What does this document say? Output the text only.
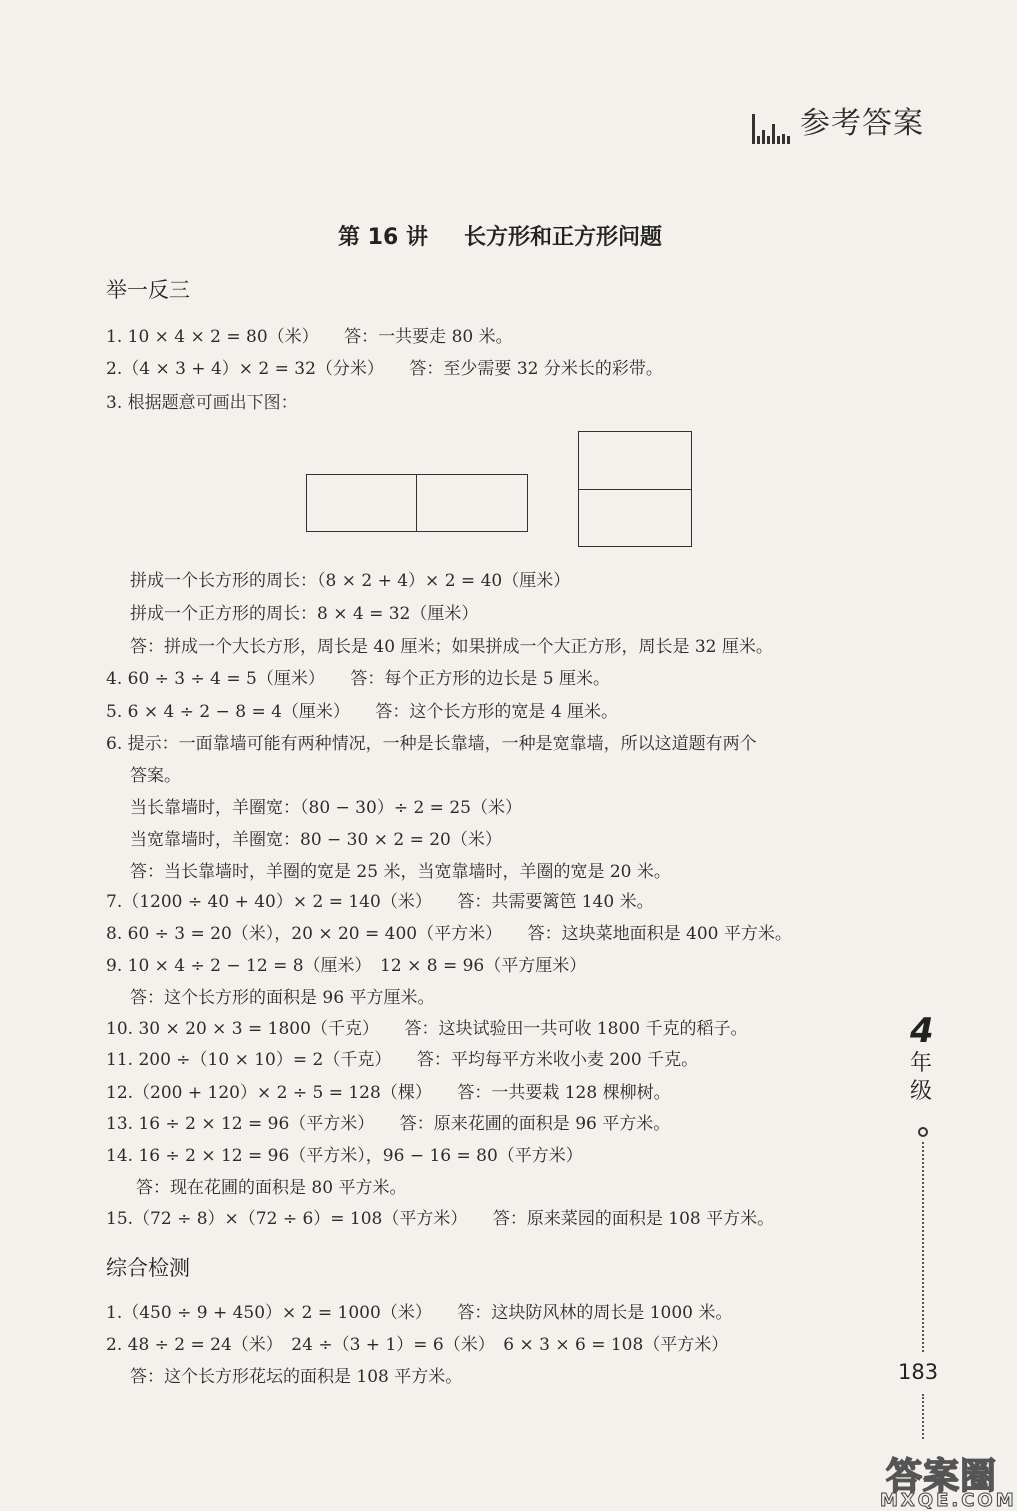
参考答案
第 16 讲 长方形和正方形问题
举一反三
1. 10 × 4 × 2 = 80（米）　　答：一共要走 80 米。
2.（4 × 3 + 4）× 2 = 32（分米）　　答：至少需要 32 分米长的彩带。
3. 根据题意可画出下图：
拼成一个长方形的周长：（8 × 2 + 4）× 2 = 40（厘米）
拼成一个正方形的周长：8 × 4 = 32（厘米）
答：拼成一个大长方形，周长是 40 厘米；如果拼成一个大正方形，周长是 32 厘米。
4. 60 ÷ 3 ÷ 4 = 5（厘米）　　答：每个正方形的边长是 5 厘米。
5. 6 × 4 ÷ 2 − 8 = 4（厘米）　　答：这个长方形的宽是 4 厘米。
6. 提示：一面靠墙可能有两种情况，一种是长靠墙，一种是宽靠墙，所以这道题有两个
答案。
当长靠墙时，羊圈宽：（80 − 30）÷ 2 = 25（米）
当宽靠墙时，羊圈宽：80 − 30 × 2 = 20（米）
答：当长靠墙时，羊圈的宽是 25 米，当宽靠墙时，羊圈的宽是 20 米。
7.（1200 ÷ 40 + 40）× 2 = 140（米）　　答：共需要篱笆 140 米。
8. 60 ÷ 3 = 20（米），20 × 20 = 400（平方米）　　答：这块菜地面积是 400 平方米。
9. 10 × 4 ÷ 2 − 12 = 8（厘米）　12 × 8 = 96（平方厘米）
答：这个长方形的面积是 96 平方厘米。
10. 30 × 20 × 3 = 1800（千克）　　答：这块试验田一共可收 1800 千克的稻子。
11. 200 ÷（10 × 10）= 2（千克）　　答：平均每平方米收小麦 200 千克。
12.（200 + 120）× 2 ÷ 5 = 128（棵）　　答：一共要栽 128 棵柳树。
13. 16 ÷ 2 × 12 = 96（平方米）　　答：原来花圃的面积是 96 平方米。
14. 16 ÷ 2 × 12 = 96（平方米），96 − 16 = 80（平方米）
答：现在花圃的面积是 80 平方米。
15.（72 ÷ 8）×（72 ÷ 6）= 108（平方米）　　答：原来菜园的面积是 108 平方米。
综合检测
1.（450 ÷ 9 + 450）× 2 = 1000（米）　　答：这块防风林的周长是 1000 米。
2. 48 ÷ 2 = 24（米）　24 ÷（3 + 1）= 6（米）　6 × 3 × 6 = 108（平方米）
答：这个长方形花坛的面积是 108 平方米。
4
年级
183
答案圈
MXQE.COM
